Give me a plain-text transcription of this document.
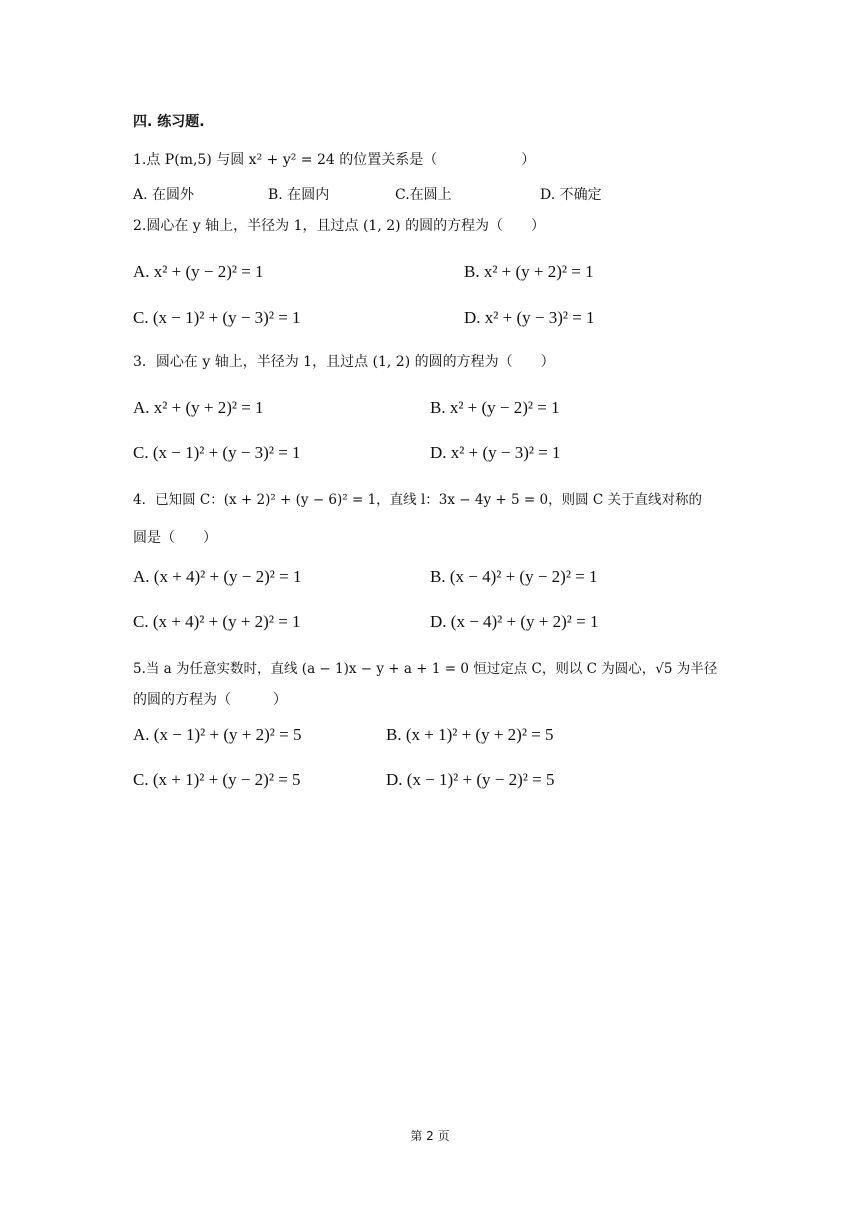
四. 练习题.
1.点 P(m,5) 与圆 x² + y² = 24 的位置关系是（　　　　　　）
A. 在圆外	B. 在圆内	C.在圆上	D. 不确定
2.圆心在 y 轴上，半径为 1，且过点 (1, 2) 的圆的方程为（　　）
A. x² + (y − 2)² = 1	B. x² + (y + 2)² = 1
C. (x − 1)² + (y − 3)² = 1	D. x² + (y − 3)² = 1
3．圆心在 y 轴上，半径为 1，且过点 (1, 2) 的圆的方程为（　　）
A. x² + (y + 2)² = 1	B. x² + (y − 2)² = 1
C. (x − 1)² + (y − 3)² = 1	D. x² + (y − 3)² = 1
4．已知圆 C：(x + 2)² + (y − 6)² = 1，直线 l：3x − 4y + 5 = 0，则圆 C 关于直线对称的
圆是（　　）
A. (x + 4)² + (y − 2)² = 1	B. (x − 4)² + (y − 2)² = 1
C. (x + 4)² + (y + 2)² = 1	D. (x − 4)² + (y + 2)² = 1
5.当 a 为任意实数时，直线 (a − 1)x − y + a + 1 = 0 恒过定点 C，则以 C 为圆心，√5 为半径
的圆的方程为（　　　）
A. (x − 1)² + (y + 2)² = 5	B. (x + 1)² + (y + 2)² = 5
C. (x + 1)² + (y − 2)² = 5	D. (x − 1)² + (y − 2)² = 5
第 2 页
